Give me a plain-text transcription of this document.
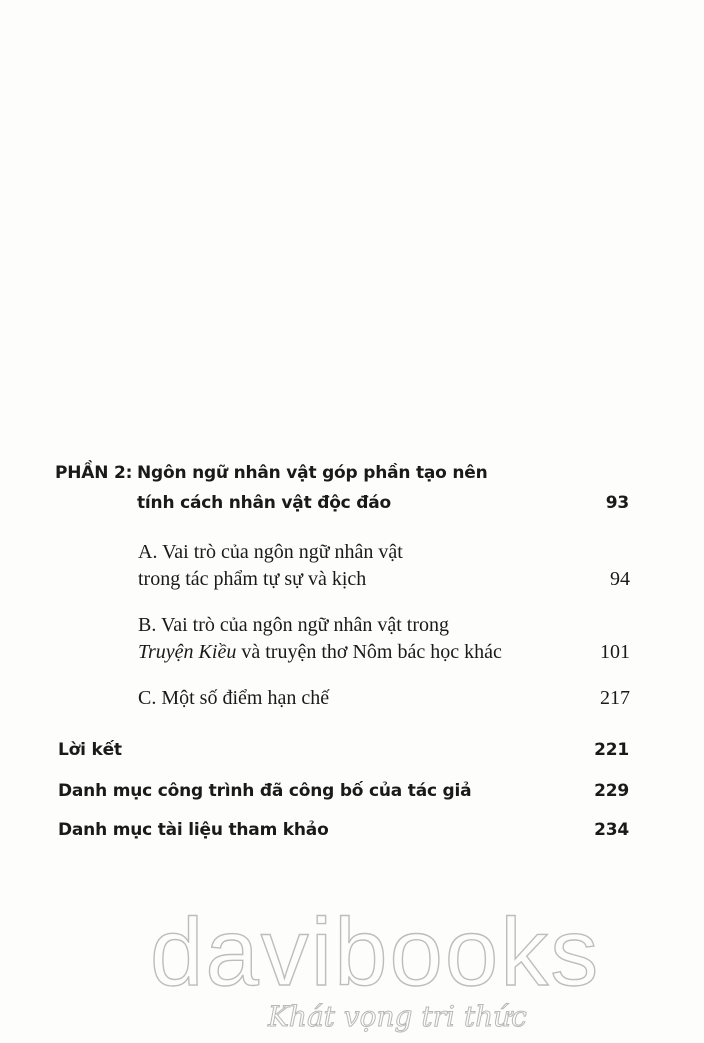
PHẦN 2: Ngôn ngữ nhân vật góp phần tạo nên
tính cách nhân vật độc đáo	93
A. Vai trò của ngôn ngữ nhân vật
trong tác phẩm tự sự và kịch	94
B. Vai trò của ngôn ngữ nhân vật trong
Truyện Kiều và truyện thơ Nôm bác học khác	101
C. Một số điểm hạn chế	217
Lời kết	221
Danh mục công trình đã công bố của tác giả	229
Danh mục tài liệu tham khảo	234
davibooks
Khát vọng tri thức
